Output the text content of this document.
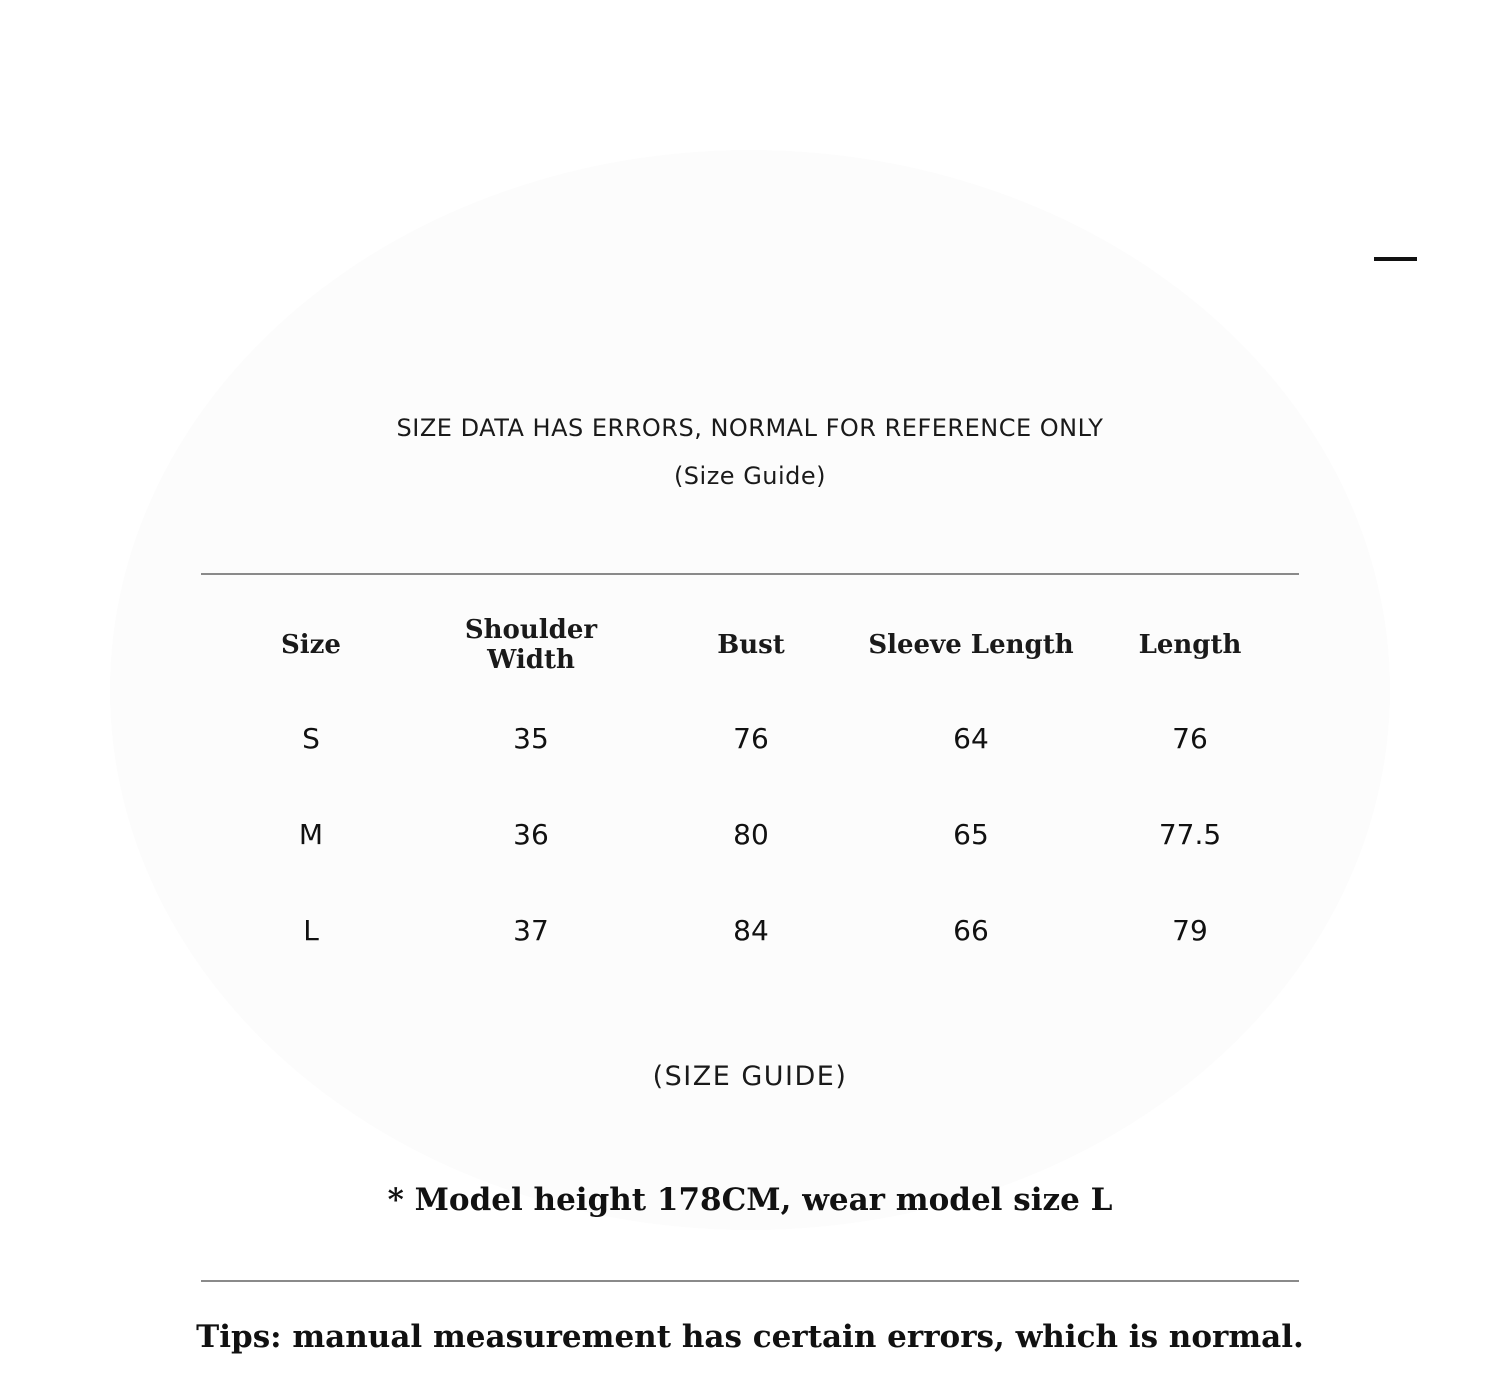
SIZE DATA HAS ERRORS, NORMAL FOR REFERENCE ONLY
(Size Guide)
Size	Shoulder Width	Bust	Sleeve Length	Length
S	35	76	64	76
M	36	80	65	77.5
L	37	84	66	79
(SIZE GUIDE)
* Model height 178CM, wear model size L
Tips: manual measurement has certain errors, which is normal.
